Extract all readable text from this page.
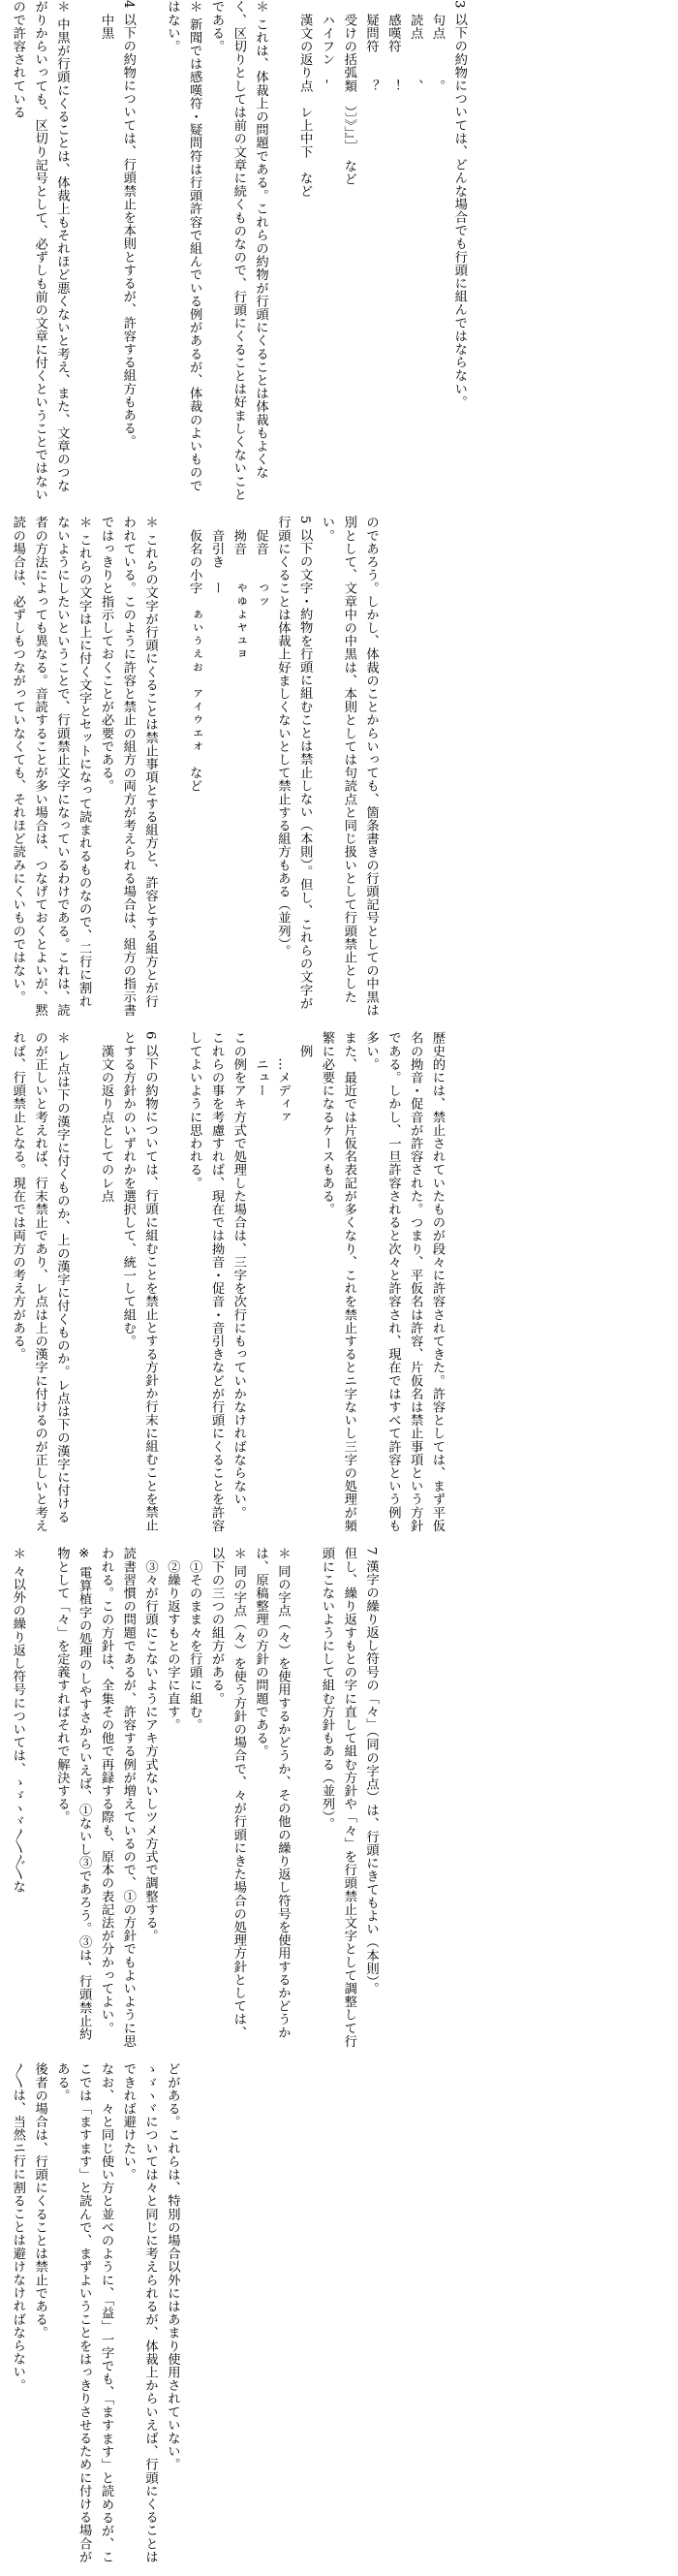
3 以下の約物については、どんな場合でも行頭に組んではならない。

　句点　　　。

　読点　　　、

　感嘆符　　！

　疑問符　　？

　受けの括弧類　）〕》」』］　など

　ハイフン　‐

　漢文の返り点　レ上中下　など

＊ これは、体裁上の問題である。これらの約物が行頭にくることは体裁もよくなく、区切りとしては前の文章に続くものなので、行頭にくることは好ましくないことである。

＊ 新聞では感嘆符・疑問符は行頭許容で組んでいる例があるが、体裁のよいものではない。

4 以下の約物については、行頭禁止を本則とするが、許容する組方もある。

　中黒

＊ 中黒が行頭にくることは、体裁上もそれほど悪くないと考え、また、文章のつながりからいっても、区切り記号として、必ずしも前の文章に付くということではないので許容されている

のであろう。しかし、体裁のことからいっても、箇条書きの行頭記号としての中黒は別として、文章中の中黒は、本則としては句読点と同じ扱いとして行頭禁止としたい。

5 以下の文字・約物を行頭に組むことは禁止しない（本則）。但し、これらの文字が行頭にくることは体裁上好ましくないとして禁止する組方もある（並列）。

　促音　　っッ

　拗音　　ゃゅょャュョ

　音引き　ー

　仮名の小字　ぁぃぅぇぉ　ァィゥェォ　など

＊ これらの文字が行頭にくることは禁止事項とする組方と、許容とする組方とが行われている。このように許容と禁止の組方の両方が考えられる場合は、組方の指示書ではっきりと指示しておくことが必要である。

＊ これらの文字は上に付く文字とセットになって読まれるものなので、二行に割れないようにしたいということで、行頭禁止文字になっているわけである。これは、読者の方法によっても異なる。音読することが多い場合は、つなげておくとよいが、黙読の場合は、必ずしもつながっていなくても、それほど読みにくいものではない。

歴史的には、禁止されていたものが段々に許容されてきた。許容としては、まず平仮名の拗音・促音が許容された。つまり、平仮名は許容、片仮名は禁止事項という方針である。しかし、一旦許容されると次々と許容され、現在ではすべて許容という例も多い。

また、最近では片仮名表記が多くなり、これを禁止するとニ字ないし三字の処理が頻繁に必要になるケースもある。

　例

　　…メディァ

　　ニュー

この例をアキ方式で処理した場合は、三字を次行にもっていかなければならない。

これらの事を考慮すれば、現在では拗音・促音・音引きなどが行頭にくることを許容してよいように思われる。

6 以下の約物については、行頭に組むことを禁止とする方針か行末に組むことを禁止とする方針かのいずれかを選択して、統一して組む。

　漢文の返り点としてのレ点

＊ レ点は下の漢字に付くものか、上の漢字に付くものか。レ点は下の漢字に付けるのが正しいと考えれば、行末禁止であり、レ点は上の漢字に付けるのが正しいと考えれば、行頭禁止となる。現在では両方の考え方がある。

7 漢字の繰り返し符号の「々」（同の字点）は、行頭にきてもよい（本則）。

但し、繰り返すもとの字に直して組む方針や「々」を行頭禁止文字として調整して行頭にこないようにして組む方針もある（並列）。

＊ 同の字点（々）を使用するかどうか、その他の繰り返し符号を使用するかどうかは、原稿整理の方針の問題である。

＊ 同の字点（々）を使う方針の場合で、々が行頭にきた場合の処理方針としては、以下の三つの組方がある。

　①そのまま々を行頭に組む。

　②繰り返すもとの字に直す。

　③々が行頭にこないようにアキ方式ないしツメ方式で調整する。

読書習慣の問題であるが、許容する例が増えているので、①の方針でもよいように思われる。この方針は、全集その他で再録する際も、原本の表記法が分かってよい。

※ 電算植字の処理のしやすさからいえば、①ないし③であろう。③は、行頭禁止約物として「々」を定義すればそれで解決する。

＊ 々以外の繰り返し符号については、ゝゞヽヾ〳〵〴〵な

どがある。これらは、特別の場合以外にはあまり使用されていない。

ゝゞヽヾについては々と同じに考えられるが、体裁上からいえば、行頭にくることはできれば避けたい。

なお、々と同じ使い方と並べのように、「益」一字でも、「ますます」と読めるが、ここでは「ますます」と読んで、まずよいうことをはっきりさせるために付ける場合がある。

後者の場合は、行頭にくることは禁止である。

〳〵は、当然ニ行に割ることは避けなければならない。
